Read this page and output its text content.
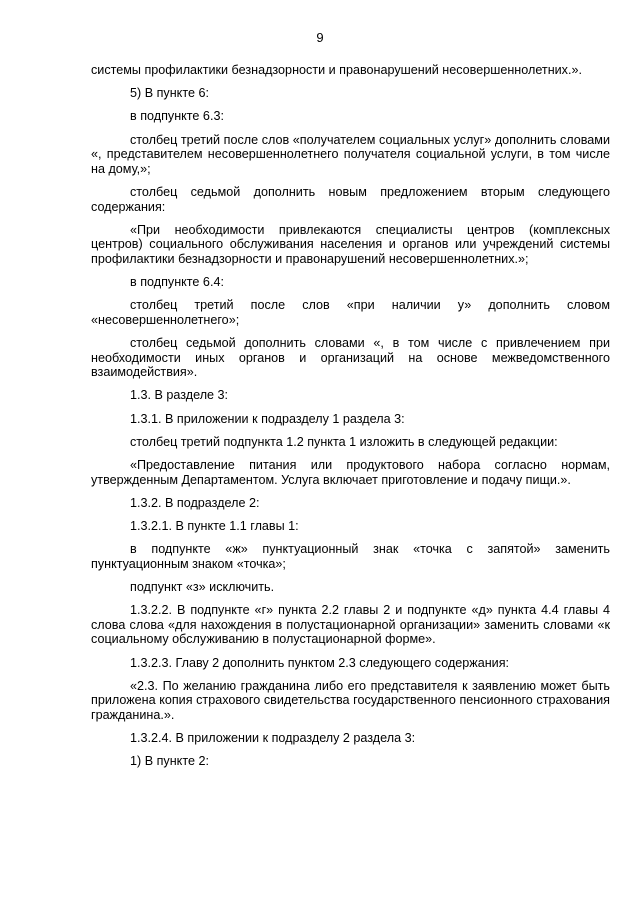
9

системы профилактики безнадзорности и правонарушений несовершеннолетних.».

5) В пункте 6:

в подпункте 6.3:

столбец третий после слов «получателем социальных услуг» дополнить словами «, представителем несовершеннолетнего получателя социальной услуги, в том числе на дому,»;

столбец седьмой дополнить новым предложением вторым следующего содержания:

«При необходимости привлекаются специалисты центров (комплексных центров) социального обслуживания населения и органов или учреждений системы профилактики безнадзорности и правонарушений несовершеннолетних.»;

в подпункте 6.4:

столбец третий после слов «при наличии у» дополнить словом «несовершеннолетнего»;

столбец седьмой дополнить словами «, в том числе с привлечением при необходимости иных органов и организаций на основе межведомственного взаимодействия».

1.3. В разделе 3:

1.3.1. В приложении к подразделу 1 раздела 3:

столбец третий подпункта 1.2 пункта 1 изложить в следующей редакции:

«Предоставление питания или продуктового набора согласно нормам, утвержденным Департаментом. Услуга включает приготовление и подачу пищи.».

1.3.2. В подразделе 2:

1.3.2.1. В пункте 1.1 главы 1:

в подпункте «ж» пунктуационный знак «точка с запятой» заменить пунктуационным знаком «точка»;

подпункт «з» исключить.

1.3.2.2. В подпункте «г» пункта 2.2 главы 2 и подпункте «д» пункта 4.4 главы 4 слова слова «для нахождения в полустационарной организации» заменить словами «к социальному обслуживанию в полустационарной форме».

1.3.2.3. Главу 2 дополнить пунктом 2.3 следующего содержания:

«2.3. По желанию гражданина либо его представителя к заявлению может быть приложена копия страхового свидетельства государственного пенсионного страхования гражданина.».

1.3.2.4. В приложении к подразделу 2 раздела 3:

1) В пункте 2:
